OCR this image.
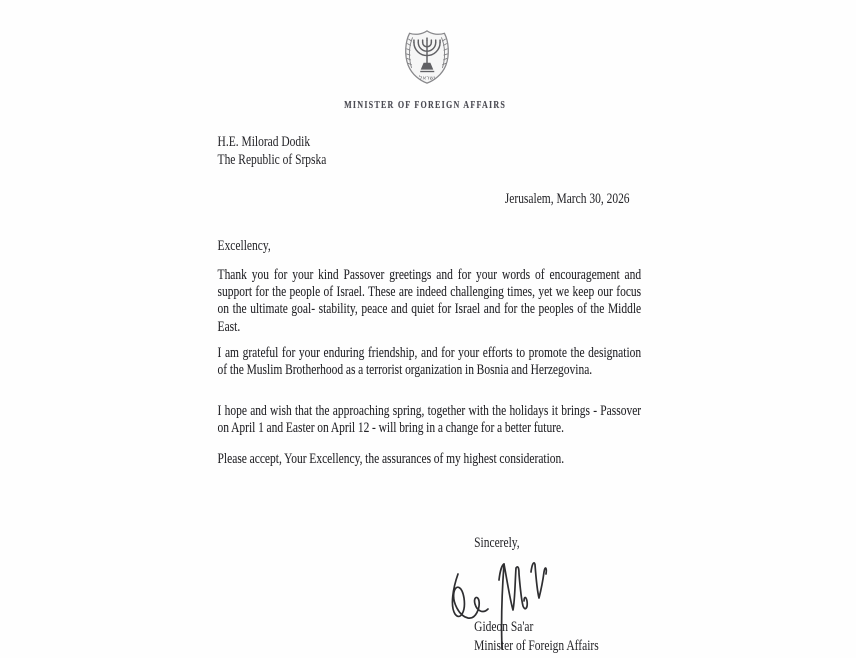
ישראל
MINISTER OF FOREIGN AFFAIRS
H.E. Milorad Dodik
The Republic of Srpska
Jerusalem, March 30, 2026
Excellency,
Thank you for your kind Passover greetings and for your words of encouragement and support for the people of Israel. These are indeed challenging times, yet we keep our focus on the ultimate goal- stability, peace and quiet for Israel and for the peoples of the Middle East.
I am grateful for your enduring friendship, and for your efforts to promote the designation of the Muslim Brotherhood as a terrorist organization in Bosnia and Herzegovina.
I hope and wish that the approaching spring, together with the holidays it brings - Passover on April 1 and Easter on April 12 - will bring in a change for a better future.
Please accept, Your Excellency, the assurances of my highest consideration.
Sincerely,
Gideon Sa'ar
Minister of Foreign Affairs
